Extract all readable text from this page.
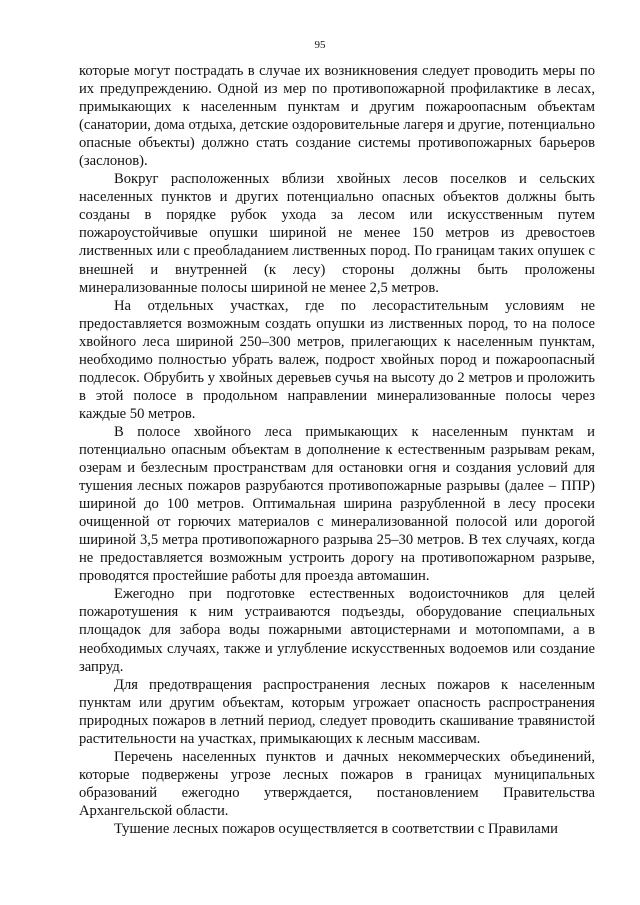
95

которые могут пострадать в случае их возникновения следует проводить меры по их предупреждению. Одной из мер по противопожарной профилактике в лесах, примыкающих к населенным пунктам и другим пожароопасным объектам (санатории, дома отдыха, детские оздоровительные лагеря и другие, потенциально опасные объекты) должно стать создание системы противопожарных барьеров (заслонов).

Вокруг расположенных вблизи хвойных лесов поселков и сельских населенных пунктов и других потенциально опасных объектов должны быть созданы в порядке рубок ухода за лесом или искусственным путем пожароустойчивые опушки шириной не менее 150 метров из древостоев лиственных или с преобладанием лиственных пород. По границам таких опушек с внешней и внутренней (к лесу) стороны должны быть проложены минерализованные полосы шириной не менее 2,5 метров.

На отдельных участках, где по лесорастительным условиям не предоставляется возможным создать опушки из лиственных пород, то на полосе хвойного леса шириной 250–300 метров, прилегающих к населенным пунктам, необходимо полностью убрать валеж, подрост хвойных пород и пожароопасный подлесок. Обрубить у хвойных деревьев сучья на высоту до 2 метров и проложить в этой полосе в продольном направлении минерализованные полосы через каждые 50 метров.

В полосе хвойного леса примыкающих к населенным пунктам и потенциально опасным объектам в дополнение к естественным разрывам рекам, озерам и безлесным пространствам для остановки огня и создания условий для тушения лесных пожаров разрубаются противопожарные разрывы (далее – ППР) шириной до 100 метров. Оптимальная ширина разрубленной в лесу просеки очищенной от горючих материалов с минерализованной полосой или дорогой шириной 3,5 метра противопожарного разрыва 25–30 метров. В тех случаях, когда не предоставляется возможным устроить дорогу на противопожарном разрыве, проводятся простейшие работы для проезда автомашин.

Ежегодно при подготовке естественных водоисточников для целей пожаротушения к ним устраиваются подъезды, оборудование специальных площадок для забора воды пожарными автоцистернами и мотопомпами, а в необходимых случаях, также и углубление искусственных водоемов или создание запруд.

Для предотвращения распространения лесных пожаров к населенным пунктам или другим объектам, которым угрожает опасность распространения природных пожаров в летний период, следует проводить скашивание травянистой растительности на участках, примыкающих к лесным массивам.

Перечень населенных пунктов и дачных некоммерческих объединений, которые подвержены угрозе лесных пожаров в границах муниципальных образований ежегодно утверждается, постановлением Правительства Архангельской области.

Тушение лесных пожаров осуществляется в соответствии с Правилами
